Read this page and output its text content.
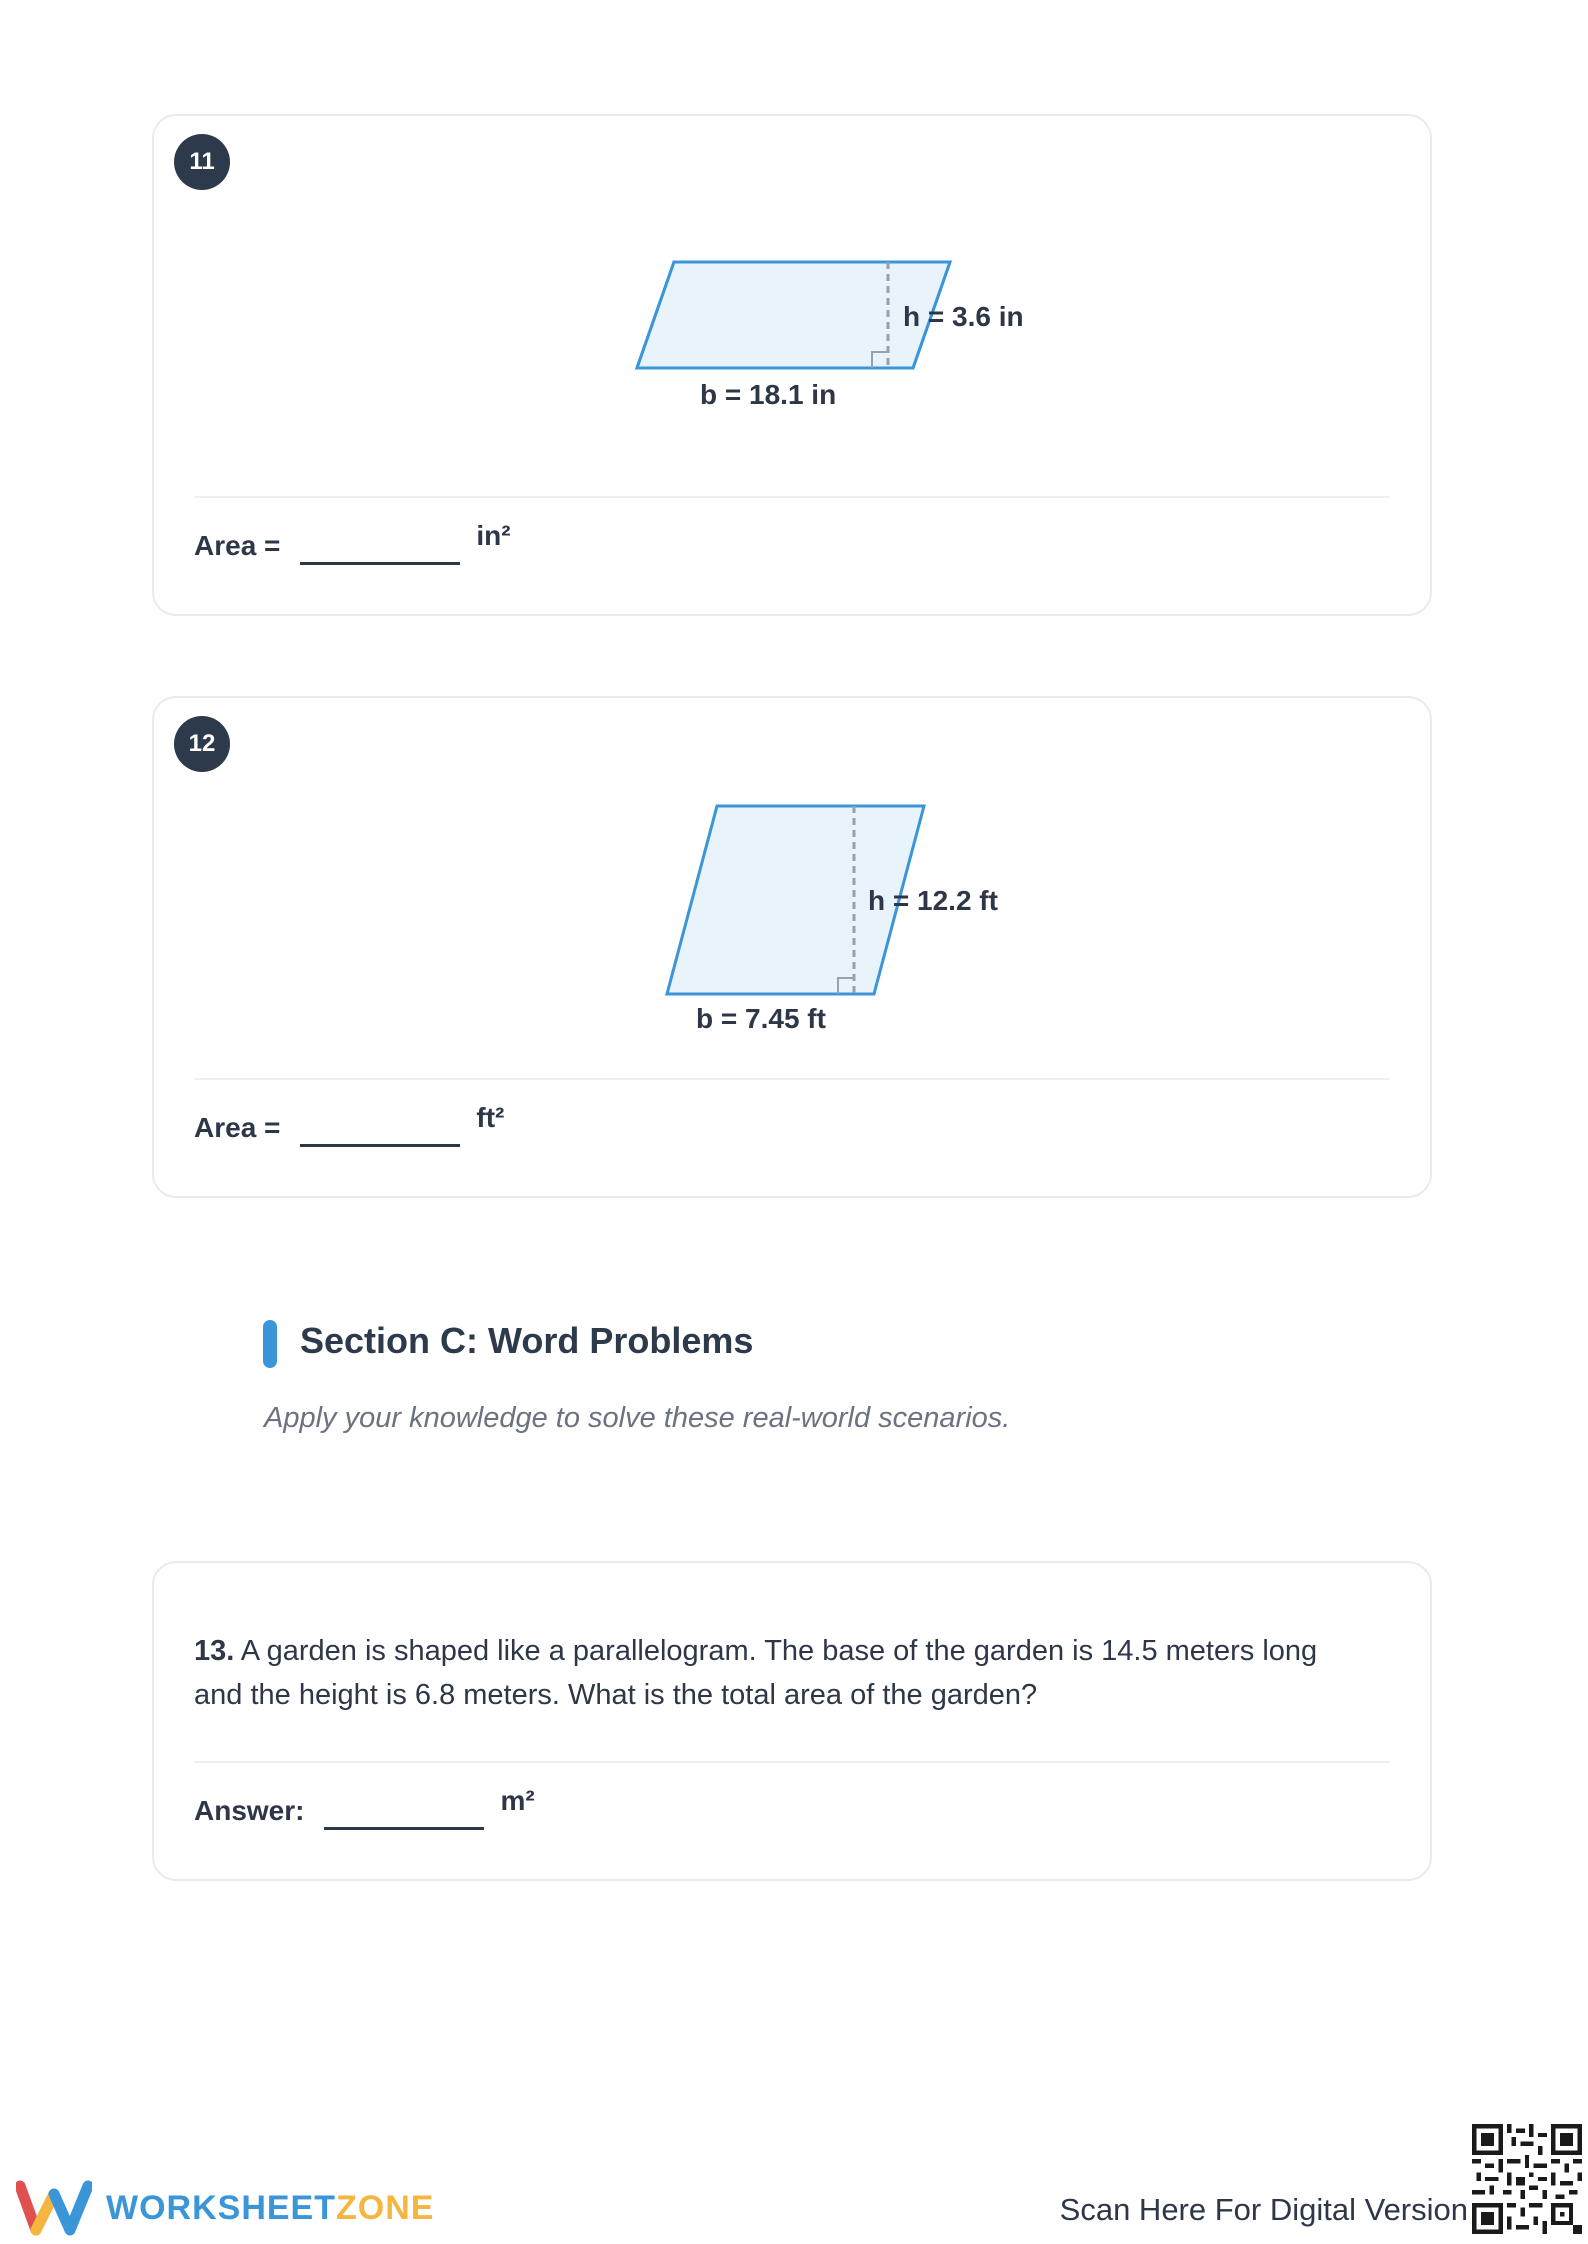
11
h = 3.6 in
b = 18.1 in
Area =	in²
12
h = 12.2 ft
b = 7.45 ft
Area =	ft²
Section C: Word Problems
Apply your knowledge to solve these real-world scenarios.
13. A garden is shaped like a parallelogram. The base of the garden is 14.5 meters long and the height is 6.8 meters. What is the total area of the garden?
Answer:	m²
WORKSHEETZONE	Scan Here For Digital Version
